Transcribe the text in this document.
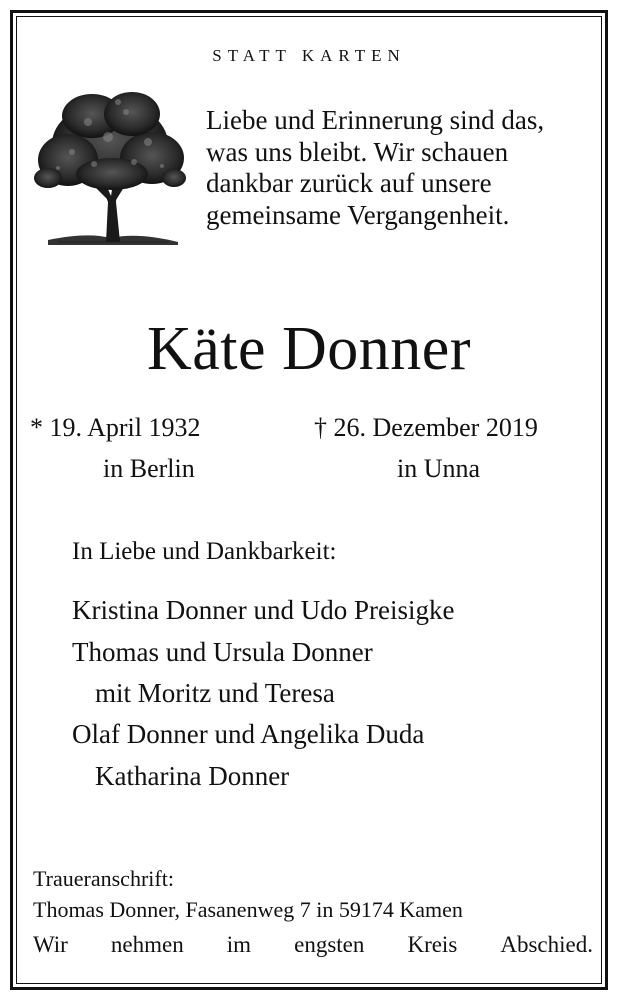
STATT KARTEN
Liebe und Erinnerung sind das,
was uns bleibt. Wir schauen
dankbar zurück auf unsere
gemeinsame Vergangenheit.
Käte Donner
* 19. April 1932
in Berlin
† 26. Dezember 2019
in Unna
In Liebe und Dankbarkeit:
Kristina Donner und Udo Preisigke
Thomas und Ursula Donner
mit Moritz und Teresa
Olaf Donner und Angelika Duda
Katharina Donner
Traueranschrift:
Thomas Donner, Fasanenweg 7 in 59174 Kamen
Wir nehmen im engsten Kreis Abschied.
